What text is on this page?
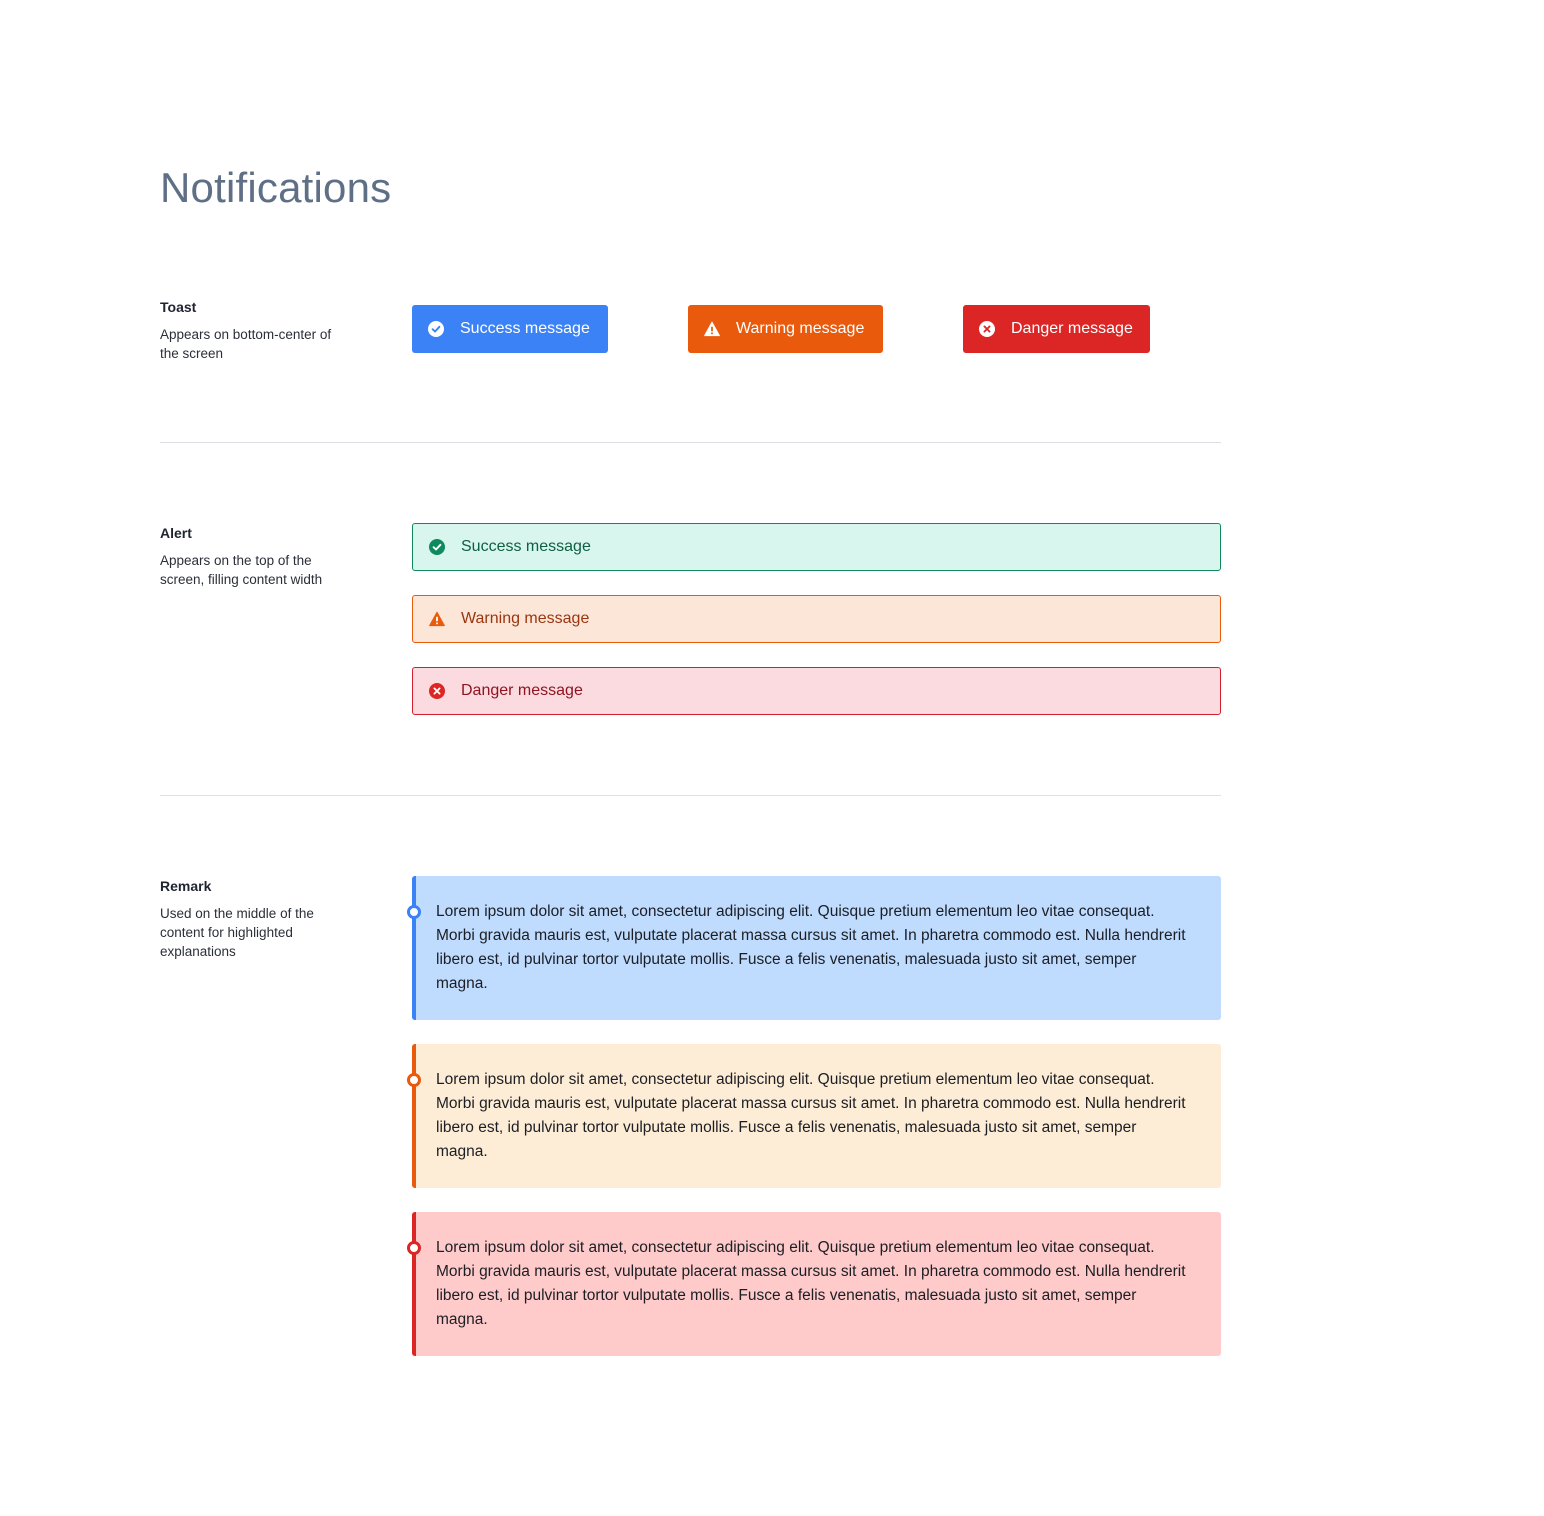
Notifications
Toast
Appears on bottom-center of the screen
Success message	Warning message	Danger message
Alert
Appears on the top of the screen, filling content width
Success message
Warning message
Danger message
Remark
Used on the middle of the content for highlighted explanations

Lorem ipsum dolor sit amet, consectetur adipiscing elit. Quisque pretium elementum leo vitae consequat. Morbi gravida mauris est, vulputate placerat massa cursus sit amet. In pharetra commodo est. Nulla hendrerit libero est, id pulvinar tortor vulputate mollis. Fusce a felis venenatis, malesuada justo sit amet, semper magna.

Lorem ipsum dolor sit amet, consectetur adipiscing elit. Quisque pretium elementum leo vitae consequat. Morbi gravida mauris est, vulputate placerat massa cursus sit amet. In pharetra commodo est. Nulla hendrerit libero est, id pulvinar tortor vulputate mollis. Fusce a felis venenatis, malesuada justo sit amet, semper magna.

Lorem ipsum dolor sit amet, consectetur adipiscing elit. Quisque pretium elementum leo vitae consequat. Morbi gravida mauris est, vulputate placerat massa cursus sit amet. In pharetra commodo est. Nulla hendrerit libero est, id pulvinar tortor vulputate mollis. Fusce a felis venenatis, malesuada justo sit amet, semper magna.
